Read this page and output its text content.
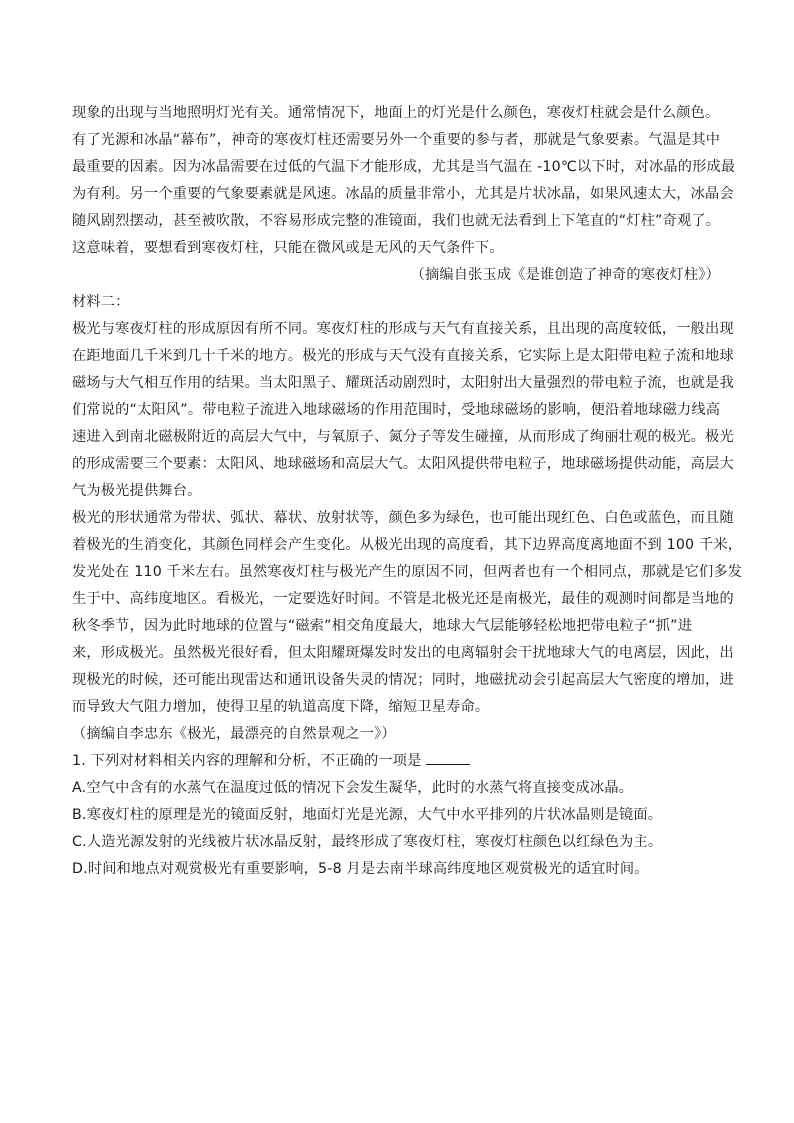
现象的出现与当地照明灯光有关。通常情况下，地面上的灯光是什么颜色，寒夜灯柱就会是什么颜色。
有了光源和冰晶“幕布”，神奇的寒夜灯柱还需要另外一个重要的参与者，那就是气象要素。气温是其中
最重要的因素。因为冰晶需要在过低的气温下才能形成，尤其是当气温在 -10℃以下时，对冰晶的形成最
为有利。另一个重要的气象要素就是风速。冰晶的质量非常小，尤其是片状冰晶，如果风速太大，冰晶会
随风剧烈摆动，甚至被吹散，不容易形成完整的准镜面，我们也就无法看到上下笔直的“灯柱”奇观了。
这意味着，要想看到寒夜灯柱，只能在微风或是无风的天气条件下。
（摘编自张玉成《是谁创造了神奇的寒夜灯柱》）
材料二：
极光与寒夜灯柱的形成原因有所不同。寒夜灯柱的形成与天气有直接关系，且出现的高度较低，一般出现
在距地面几千米到几十千米的地方。极光的形成与天气没有直接关系，它实际上是太阳带电粒子流和地球
磁场与大气相互作用的结果。当太阳黑子、耀斑活动剧烈时，太阳射出大量强烈的带电粒子流，也就是我
们常说的“太阳风”。带电粒子流进入地球磁场的作用范围时，受地球磁场的影响，便沿着地球磁力线高
速进入到南北磁极附近的高层大气中，与氧原子、氮分子等发生碰撞，从而形成了绚丽壮观的极光。极光
的形成需要三个要素：太阳风、地球磁场和高层大气。太阳风提供带电粒子，地球磁场提供动能，高层大
气为极光提供舞台。
极光的形状通常为带状、弧状、幕状、放射状等，颜色多为绿色，也可能出现红色、白色或蓝色，而且随
着极光的生消变化，其颜色同样会产生变化。从极光出现的高度看，其下边界高度离地面不到 100 千米，
发光处在 110 千米左右。虽然寒夜灯柱与极光产生的原因不同，但两者也有一个相同点，那就是它们多发
生于中、高纬度地区。看极光，一定要选好时间。不管是北极光还是南极光，最佳的观测时间都是当地的
秋冬季节，因为此时地球的位置与“磁索”相交角度最大，地球大气层能够轻松地把带电粒子“抓”进
来，形成极光。虽然极光很好看，但太阳耀斑爆发时发出的电离辐射会干扰地球大气的电离层，因此，出
现极光的时候，还可能出现雷达和通讯设备失灵的情况；同时，地磁扰动会引起高层大气密度的增加，进
而导致大气阻力增加，使得卫星的轨道高度下降，缩短卫星寿命。
（摘编自李忠东《极光，最漂亮的自然景观之一》）
1. 下列对材料相关内容的理解和分析，不正确的一项是
A.空气中含有的水蒸气在温度过低的情况下会发生凝华，此时的水蒸气将直接变成冰晶。
B.寒夜灯柱的原理是光的镜面反射，地面灯光是光源，大气中水平排列的片状冰晶则是镜面。
C.人造光源发射的光线被片状冰晶反射，最终形成了寒夜灯柱，寒夜灯柱颜色以红绿色为主。
D.时间和地点对观赏极光有重要影响，5-8 月是去南半球高纬度地区观赏极光的适宜时间。
